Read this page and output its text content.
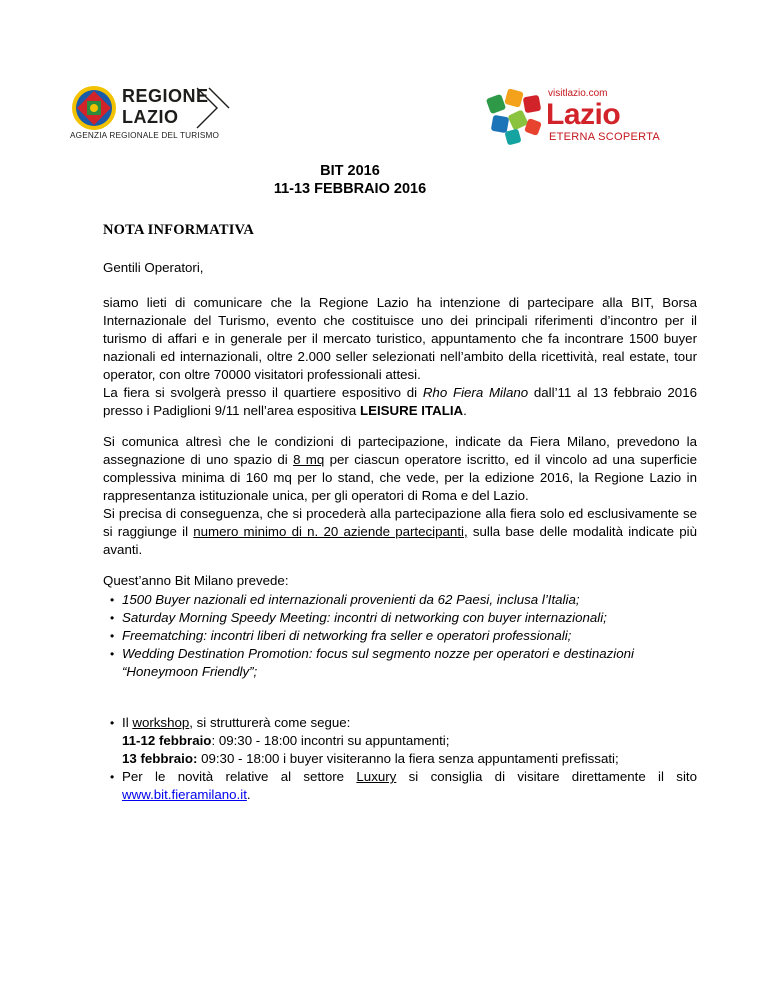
REGIONE
LAZIO
AGENZIA REGIONALE DEL TURISMO
visitlazio.com
Lazio
ETERNA SCOPERTA
BIT 2016
11-13 FEBBRAIO 2016
NOTA INFORMATIVA
Gentili Operatori,
siamo lieti di comunicare che la Regione Lazio ha intenzione di partecipare alla BIT, Borsa Internazionale del Turismo, evento che costituisce uno dei principali riferimenti d’incontro per il turismo di affari e in generale per il mercato turistico, appuntamento che fa incontrare 1500 buyer nazionali ed internazionali, oltre 2.000 seller selezionati nell’ambito della ricettività, real estate, tour operator, con oltre 70000 visitatori professionali attesi.
La fiera si svolgerà presso il quartiere espositivo di Rho Fiera Milano dall’11 al 13 febbraio 2016 presso i Padiglioni 9/11 nell’area espositiva LEISURE ITALIA.
Si comunica altresì che le condizioni di partecipazione, indicate da Fiera Milano, prevedono la assegnazione di uno spazio di 8 mq per ciascun operatore iscritto, ed il vincolo ad una superficie complessiva minima di 160 mq per lo stand, che vede, per la edizione 2016, la Regione Lazio in rappresentanza istituzionale unica, per gli operatori di Roma e del Lazio.
Si precisa di conseguenza, che si procederà alla partecipazione alla fiera solo ed esclusivamente se si raggiunge il numero minimo di n. 20 aziende partecipanti, sulla base delle modalità indicate più avanti.
Quest’anno Bit Milano prevede:
• 1500 Buyer nazionali ed internazionali provenienti da 62 Paesi, inclusa l’Italia;
• Saturday Morning Speedy Meeting: incontri di networking con buyer internazionali;
• Freematching: incontri liberi di networking fra seller e operatori professionali;
• Wedding Destination Promotion: focus sul segmento nozze per operatori e destinazioni “Honeymoon Friendly”;
• Il workshop, si strutturerà come segue:
11-12 febbraio: 09:30 - 18:00 incontri su appuntamenti;
13 febbraio: 09:30 - 18:00 i buyer visiteranno la fiera senza appuntamenti prefissati;
• Per le novità relative al settore Luxury si consiglia di visitare direttamente il sito www.bit.fieramilano.it.
